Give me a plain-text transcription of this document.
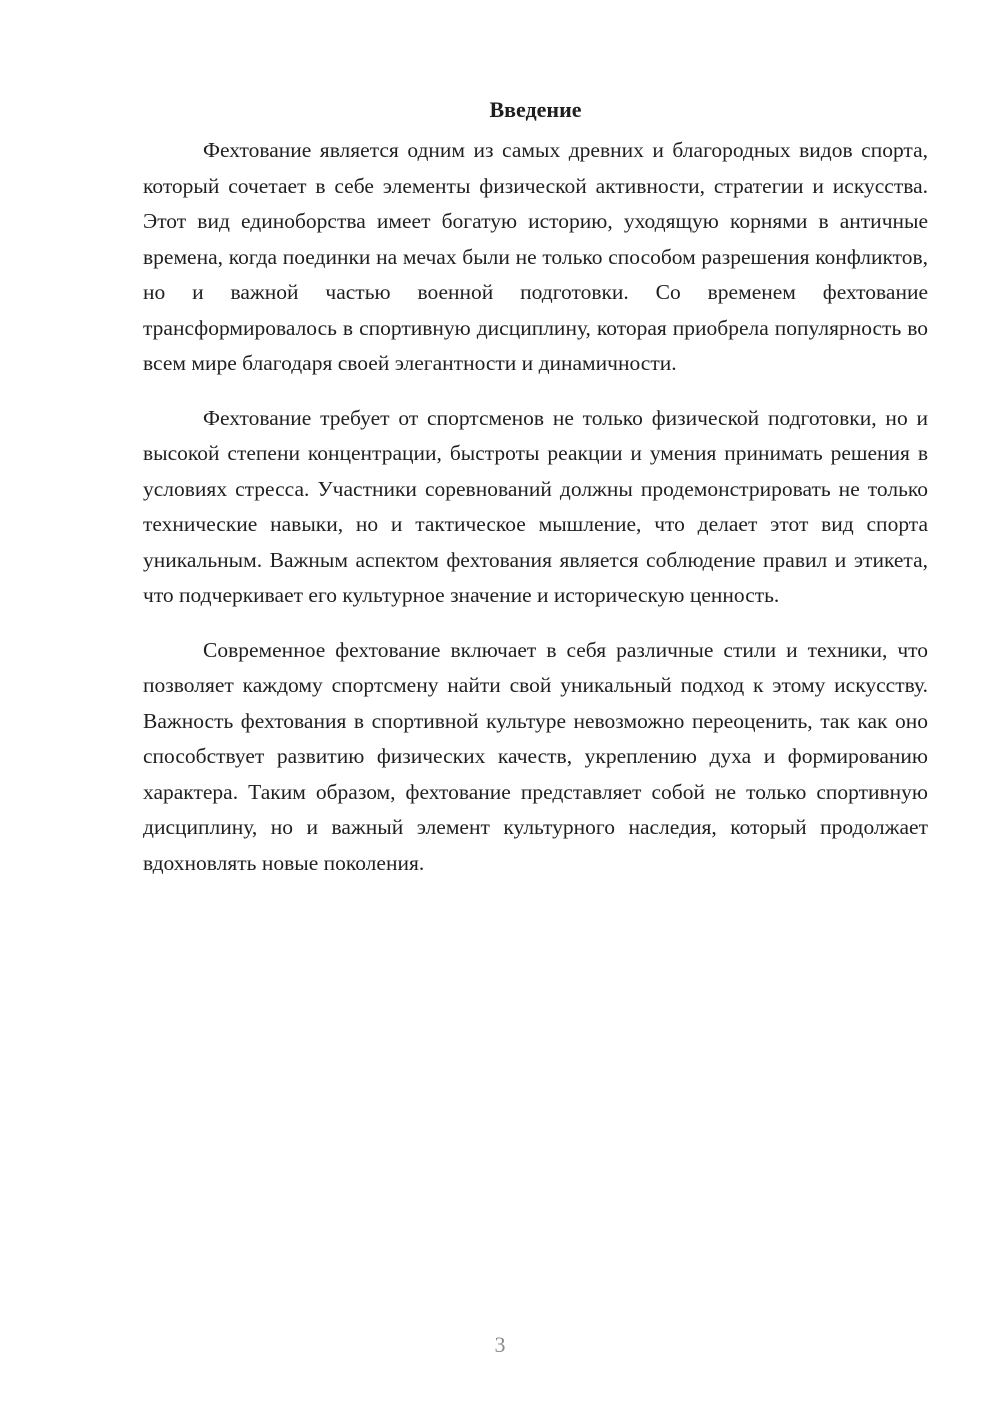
Введение

Фехтование является одним из самых древних и благородных видов спорта, который сочетает в себе элементы физической активности, стратегии и искусства. Этот вид единоборства имеет богатую историю, уходящую корнями в античные времена, когда поединки на мечах были не только способом разрешения конфликтов, но и важной частью военной подготовки. Со временем фехтование трансформировалось в спортивную дисциплину, которая приобрела популярность во всем мире благодаря своей элегантности и динамичности.

Фехтование требует от спортсменов не только физической подготовки, но и высокой степени концентрации, быстроты реакции и умения принимать решения в условиях стресса. Участники соревнований должны продемонстрировать не только технические навыки, но и тактическое мышление, что делает этот вид спорта уникальным. Важным аспектом фехтования является соблюдение правил и этикета, что подчеркивает его культурное значение и историческую ценность.

Современное фехтование включает в себя различные стили и техники, что позволяет каждому спортсмену найти свой уникальный подход к этому искусству. Важность фехтования в спортивной культуре невозможно переоценить, так как оно способствует развитию физических качеств, укреплению духа и формированию характера. Таким образом, фехтование представляет собой не только спортивную дисциплину, но и важный элемент культурного наследия, который продолжает вдохновлять новые поколения.

3
